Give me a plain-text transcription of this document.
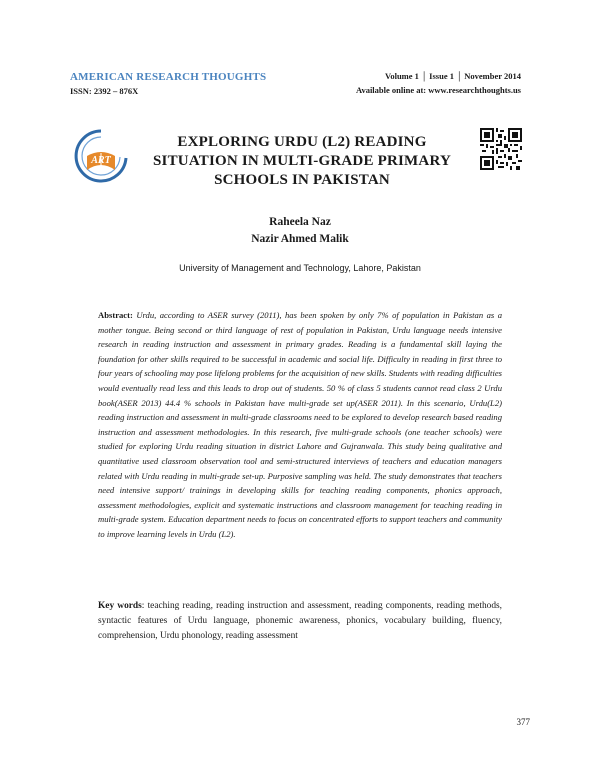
AMERICAN RESEARCH THOUGHTS
ISSN: 2392 – 876X
Volume 1 │ Issue 1 │ November 2014
Available online at: www.researchthoughts.us
ART
EXPLORING URDU (L2) READING SITUATION IN MULTI-GRADE PRIMARY SCHOOLS IN PAKISTAN
Raheela Naz
Nazir Ahmed Malik
University of Management and Technology, Lahore, Pakistan

Abstract: Urdu, according to ASER survey (2011), has been spoken by only 7% of population in Pakistan as a mother tongue. Being second or third language of rest of population in Pakistan, Urdu language needs intensive research in reading instruction and assessment in primary grades. Reading is a fundamental skill laying the foundation for other skills required to be successful in academic and social life. Difficulty in reading in first three to four years of schooling may pose lifelong problems for the acquisition of new skills. Students with reading difficulties would eventually read less and this leads to drop out of students. 50 % of class 5 students cannot read class 2 Urdu book(ASER 2013) 44.4 % schools in Pakistan have multi-grade set up(ASER 2011). In this scenario, Urdu(L2) reading instruction and assessment in multi-grade classrooms need to be explored to develop research based reading instruction and assessment methodologies. In this research, five multi-grade schools (one teacher schools) were studied for exploring Urdu reading situation in district Lahore and Gujranwala. This study being qualitative and quantitative used classroom observation tool and semi-structured interviews of teachers and education managers related with Urdu reading in multi-grade set-up. Purposive sampling was held. The study demonstrates that teachers need intensive support/ trainings in developing skills for teaching reading components, phonics approach, assessment methodologies, explicit and systematic instructions and classroom management for teaching reading in multi-grade system. Education department needs to focus on concentrated efforts to support teachers and community to improve learning levels in Urdu (L2).

Key words: teaching reading, reading instruction and assessment, reading components, reading methods, syntactic features of Urdu language, phonemic awareness, phonics, vocabulary building, fluency, comprehension, Urdu phonology, reading assessment

377
